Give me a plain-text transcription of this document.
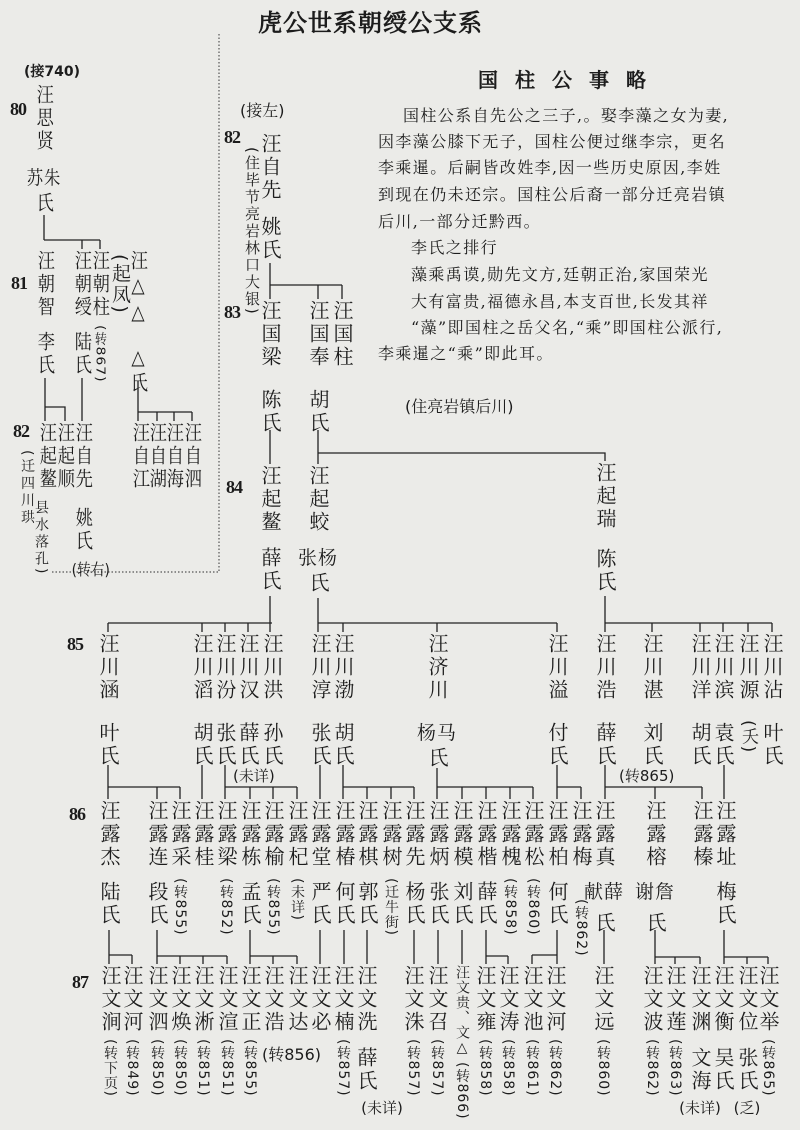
虎公世系朝绶公支系
(接740)
80
81
82
汪思贤
苏朱
氏
汪朝智
李氏
汪朝绶
陆氏
汪朝柱
(转867)
(起凤)
汪△△
△氏
汪起鳌
(迁四川珙
县水落孔)
汪起顺
汪自先
姚氏
(转右)
汪自江
汪自湖
汪自海
汪自泗
(接左)
82
83
84
85
86
87
汪自先
姚氏
(住毕节亮岩林口大银)
汪国梁
陈氏
汪国奉
胡氏
汪国柱
汪起鳌
薛氏
汪起蛟
张杨
氏
汪起瑞
陈氏
汪川涵
叶氏
汪川滔
胡氏
汪川汾
张氏
汪川汉
薛氏
汪川洪
孙氏
汪川淳
张氏
汪川渤
胡氏
汪济川
杨马
氏
汪川溢
付氏
汪川浩
薛氏
汪川湛
刘氏
汪川洋
胡氏
汪川滨
袁氏
汪川源
(夭)
汪川沾
叶氏
(未详)	(转865)
汪露杰
陆氏
汪露连
段氏
汪露采
(转855)
汪露桂 汪露梁
(转852)
汪露栋
孟氏
汪露榆
(转855)
汪露杞
(未详)
汪露堂
严氏
汪露椿
何氏
汪露棋
郭氏
汪露树
(迁牛街)
汪露先
杨氏
汪露炳
张氏
汪露模
刘氏
汪露楷
薛氏
汪露槐
(转858)
汪露松
(转860)
汪露柏
何氏
汪露梅
(转862)
汪露真
献薛
氏
汪露榕
谢詹
氏
汪露榛 汪露址
梅氏
汪文涧
(转下页)
汪文河
(转849)
汪文泗
(转850)
汪文焕
(转850)
汪文淅
(转851)
汪文渲
(转851)
汪文正
(转855)
汪文浩 汪文达
(转856)
汪文必 汪文楠
(转857)
汪文洗
薛氏
(未详)
汪文洙
(转857)
汪文召
(转857)
汪文贵、文△
(转866)
汪文雍
(转858)
汪文涛
(转858)
汪文池
(转861)
汪文河
(转862)
汪文远
(转860)
汪文波
(转862)
汪文莲
(转863)
汪文渊
文海
(未详)
汪文衡
吴氏
汪文位
张氏
(乏)
汪文举
(转865)
国柱公事略
国柱公系自先公之三子,。娶李藻之女为妻,
因李藻公膝下无子，国柱公便过继李宗，更名
李乘暹。后嗣皆改姓李,因一些历史原因,李姓
到现在仍未还宗。国柱公后裔一部分迁亮岩镇
后川,一部分迁黔西。
李氏之排行
藻乘禹谟,勋先文方,廷朝正治,家国荣光
大有富贵,福德永昌,本支百世,长发其祥
“藻”即国柱之岳父名,“乘”即国柱公派行,
李乘暹之“乘”即此耳。
(住亮岩镇后川)
